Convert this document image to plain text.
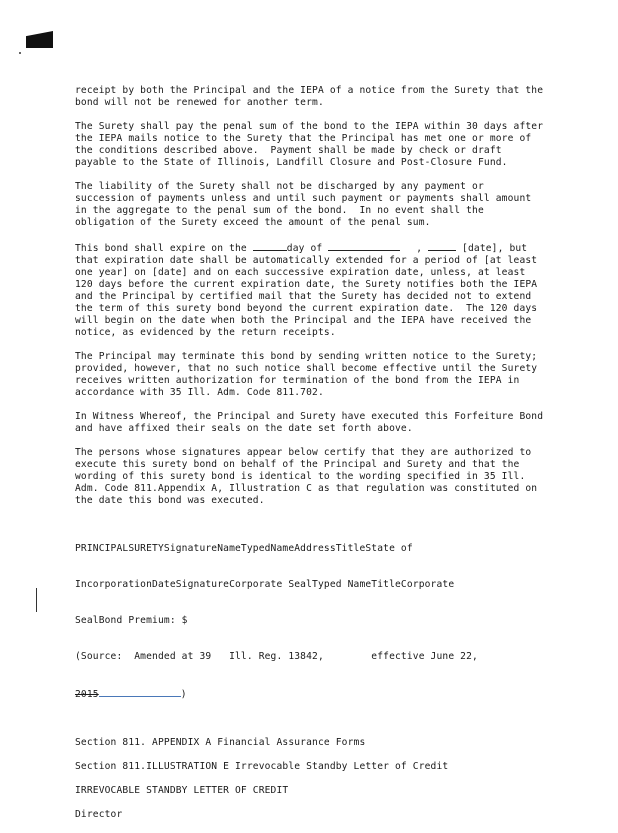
receipt by both the Principal and the IEPA of a notice from the Surety that the bond will not be renewed for another term.

The Surety shall pay the penal sum of the bond to the IEPA within 30 days after the IEPA mails notice to the Surety that the Principal has met one or more of the conditions described above.  Payment shall be made by check or draft payable to the State of Illinois, Landfill Closure and Post-Closure Fund.

The liability of the Surety shall not be discharged by any payment or succession of payments unless and until such payment or payments shall amount in the aggregate to the penal sum of the bond.  In no event shall the obligation of the Surety exceed the amount of the penal sum.

This bond shall expire on the	day of	,	[date], but that expiration date shall be automatically extended for a period of [at least one year] on [date] and on each successive expiration date, unless, at least 120 days before the current expiration date, the Surety notifies both the IEPA and the Principal by certified mail that the Surety has decided not to extend the term of this surety bond beyond the current expiration date.  The 120 days will begin on the date when both the Principal and the IEPA have received the notice, as evidenced by the return receipts.

The Principal may terminate this bond by sending written notice to the Surety; provided, however, that no such notice shall become effective until the Surety receives written authorization for termination of the bond from the IEPA in accordance with 35 Ill. Adm. Code 811.702.

In Witness Whereof, the Principal and Surety have executed this Forfeiture Bond and have affixed their seals on the date set forth above.

The persons whose signatures appear below certify that they are authorized to execute this surety bond on behalf of the Principal and Surety and that the wording of this surety bond is identical to the wording specified in 35 Ill. Adm. Code 811.Appendix A, Illustration C as that regulation was constituted on the date this bond was executed.

PRINCIPALSURETYSignatureNameTypedNameAddressTitleState of

IncorporationDateSignatureCorporate SealTyped NameTitleCorporate

SealBond Premium: $

(Source:  Amended at 39   Ill. Reg. 13842,        effective June 22,

2015	)

Section 811. APPENDIX A Financial Assurance Forms

Section 811.ILLUSTRATION E Irrevocable Standby Letter of Credit

IRREVOCABLE STANDBY LETTER OF CREDIT

Director
